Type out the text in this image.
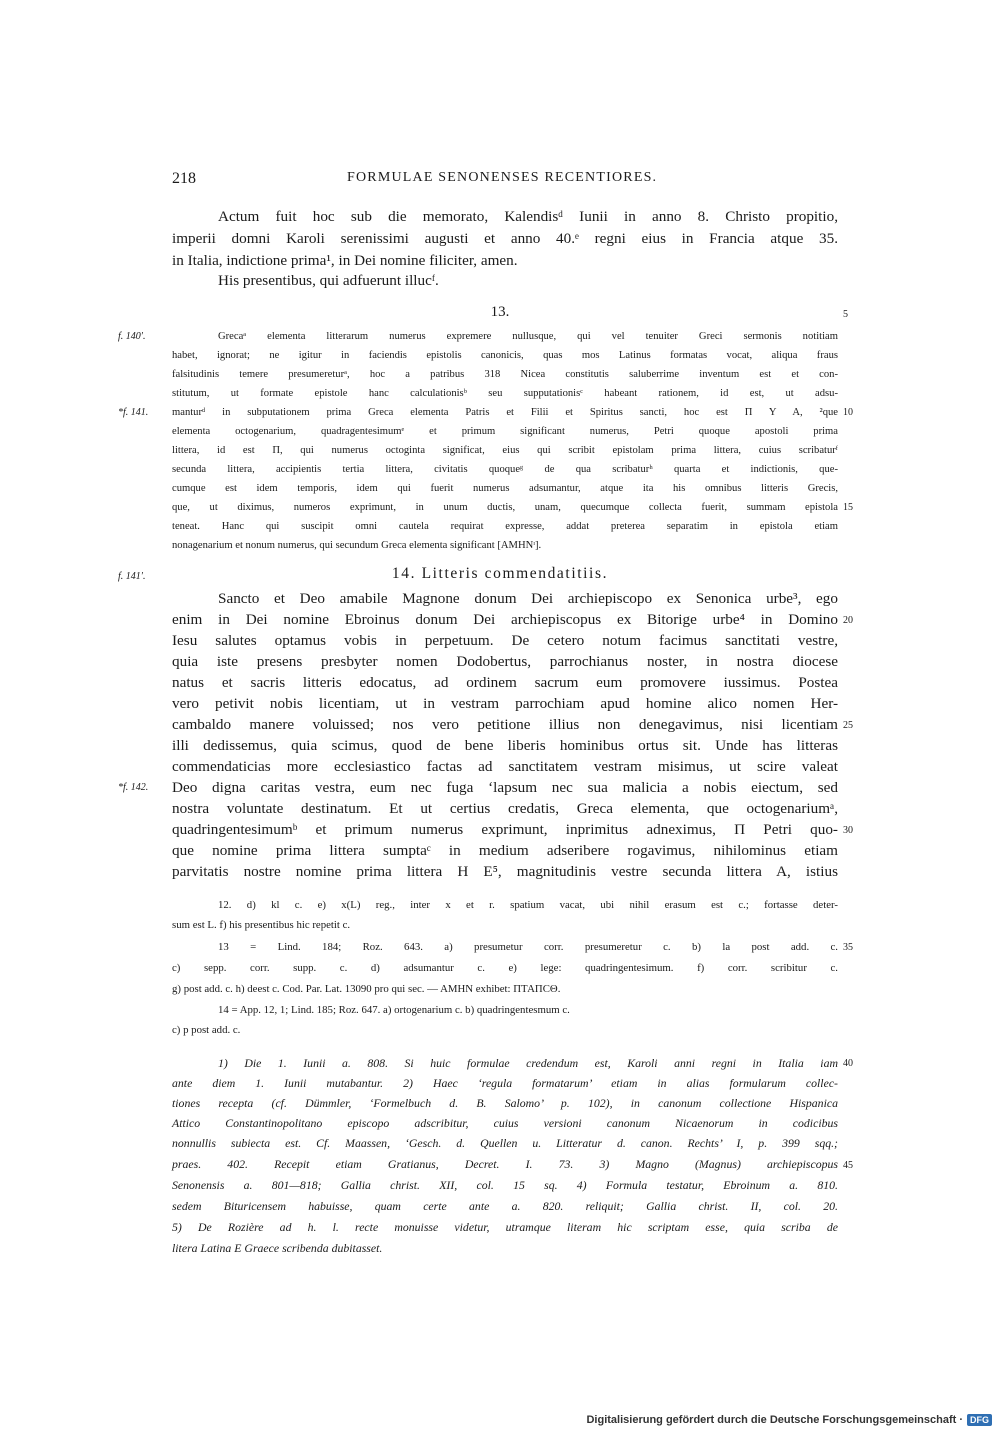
218	FORMULAE SENONENSES RECENTIORES.
Actum fuit hoc sub die memorato, Kalendisᵈ Iunii in anno 8. Christo propitio,
imperii domni Karoli serenissimi augusti et anno 40.ᵉ regni eius in Francia atque 35.
in Italia, indictione prima¹, in Dei nomine filiciter, amen.
His presentibus, qui adfuerunt illucᶠ.
13.
Grecaᵃ elementa litterarum numerus expremere nullusque, qui vel tenuiter Greci sermonis notitiam
habet, ignorat; ne igitur in faciendis epistolis canonicis, quas mos Latinus formatas vocat, aliqua fraus
falsitudinis temere presumereturᵃ, hoc a patribus 318 Nicea constitutis saluberrime inventum est et con-
stitutum, ut formate epistole hanc calculationisᵇ seu supputationisᶜ habeant rationem, id est, ut adsu-
manturᵈ in subputationem prima Greca elementa Patris et Filii et Spiritus sancti, hoc est Π Υ Α, ²que
elementa octogenarium, quadragentesimumᵉ et primum significant numerus, Petri quoque apostoli prima
littera, id est Π, qui numerus octoginta significat, eius qui scribit epistolam prima littera, cuius scribaturᶠ
secunda littera, accipientis tertia littera, civitatis quoqueᵍ de qua scribaturʰ quarta et indictionis, que-
cumque est idem temporis, idem qui fuerit numerus adsumantur, atque ita his omnibus litteris Grecis,
que, ut diximus, numeros exprimunt, in unum ductis, unam, quecumque collecta fuerit, summam epistola
teneat. Hanc qui suscipit omni cautela requirat expresse, addat preterea separatim in epistola etiam
nonagenarium et nonum numerus, qui secundum Greca elementa significant [AMHNᶦ].
14. Litteris commendatitiis.
Sancto et Deo amabile Magnone donum Dei archiepiscopo ex Senonica urbe³, ego
enim in Dei nomine Ebroinus donum Dei archiepiscopus ex Bitorige urbe⁴ in Domino
Iesu salutes optamus vobis in perpetuum. De cetero notum facimus sanctitati vestre,
quia iste presens presbyter nomen Dodobertus, parrochianus noster, in nostra diocese
natus et sacris litteris edocatus, ad ordinem sacrum eum promovere iussimus. Postea
vero petivit nobis licentiam, ut in vestram parrochiam apud homine alico nomen Her-
cambaldo manere voluissed; nos vero petitione illius non denegavimus, nisi licentiam
illi dedissemus, quia scimus, quod de bene liberis hominibus ortus sit. Unde has litteras
commendaticias more ecclesiastico factas ad sanctitatem vestram misimus, ut scire valeat
Deo digna caritas vestra, eum nec fuga ‘lapsum nec sua malicia a nobis eiectum, sed
nostra voluntate destinatum. Et ut certius credatis, Greca elementa, que octogenariumᵃ,
quadringentesimumᵇ et primum numerus exprimunt, inprimitus adneximus, Π Petri quo-
que nomine prima littera sumptaᶜ in medium adseribere rogavimus, nihilominus etiam
parvitatis nostre nomine prima littera H E⁵, magnitudinis vestre secunda littera A, istius
12. d) kl c. e) x(L) reg., inter x et r. spatium vacat, ubi nihil erasum est c.; fortasse deter-
sum est L. f) his presentibus hic repetit c.
13 = Lind. 184; Roz. 643. a) presumetur corr. presumeretur c. b) la post add. c.
c) sepp. corr. supp. c. d) adsumantur c. e) lege: quadringentesimum. f) corr. scribitur c.
g) post add. c. h) deest c. Cod. Par. Lat. 13090 pro qui sec. — AMHN exhibet: ПТАПСΘ.
14 = App. 12, 1; Lind. 185; Roz. 647. a) ortogenarium c. b) quadringentesmum c.
c) p post add. c.
1) Die 1. Iunii a. 808. Si huic formulae credendum est, Karoli anni regni in Italia iam
ante diem 1. Iunii mutabantur. 2) Haec ‘regula formatarum’ etiam in alias formularum collec-
tiones recepta (cf. Dümmler, ‘Formelbuch d. B. Salomo’ p. 102), in canonum collectione Hispanica
Attico Constantinopolitano episcopo adscribitur, cuius versioni canonum Nicaenorum in codicibus
nonnullis subiecta est. Cf. Maassen, ‘Gesch. d. Quellen u. Litteratur d. canon. Rechts’ I, p. 399 sqq.;
praes. 402. Recepit etiam Gratianus, Decret. I. 73. 3) Magno (Magnus) archiepiscopus
Senonensis a. 801—818; Gallia christ. XII, col. 15 sq. 4) Formula testatur, Ebroinum a. 810.
sedem Bituricensem habuisse, quam certe ante a. 820. reliquit; Gallia christ. II, col. 20.
5) De Rozière ad h. l. recte monuisse videtur, utramque literam hic scriptam esse, quia scriba de
litera Latina E Graece scribenda dubitasset.
f. 140′.
*f. 141.
f. 141′.
*f. 142.
5
10
15
20
25
30
35
40
45
Digitalisierung gefördert durch die Deutsche Forschungsgemeinschaft · DFG
